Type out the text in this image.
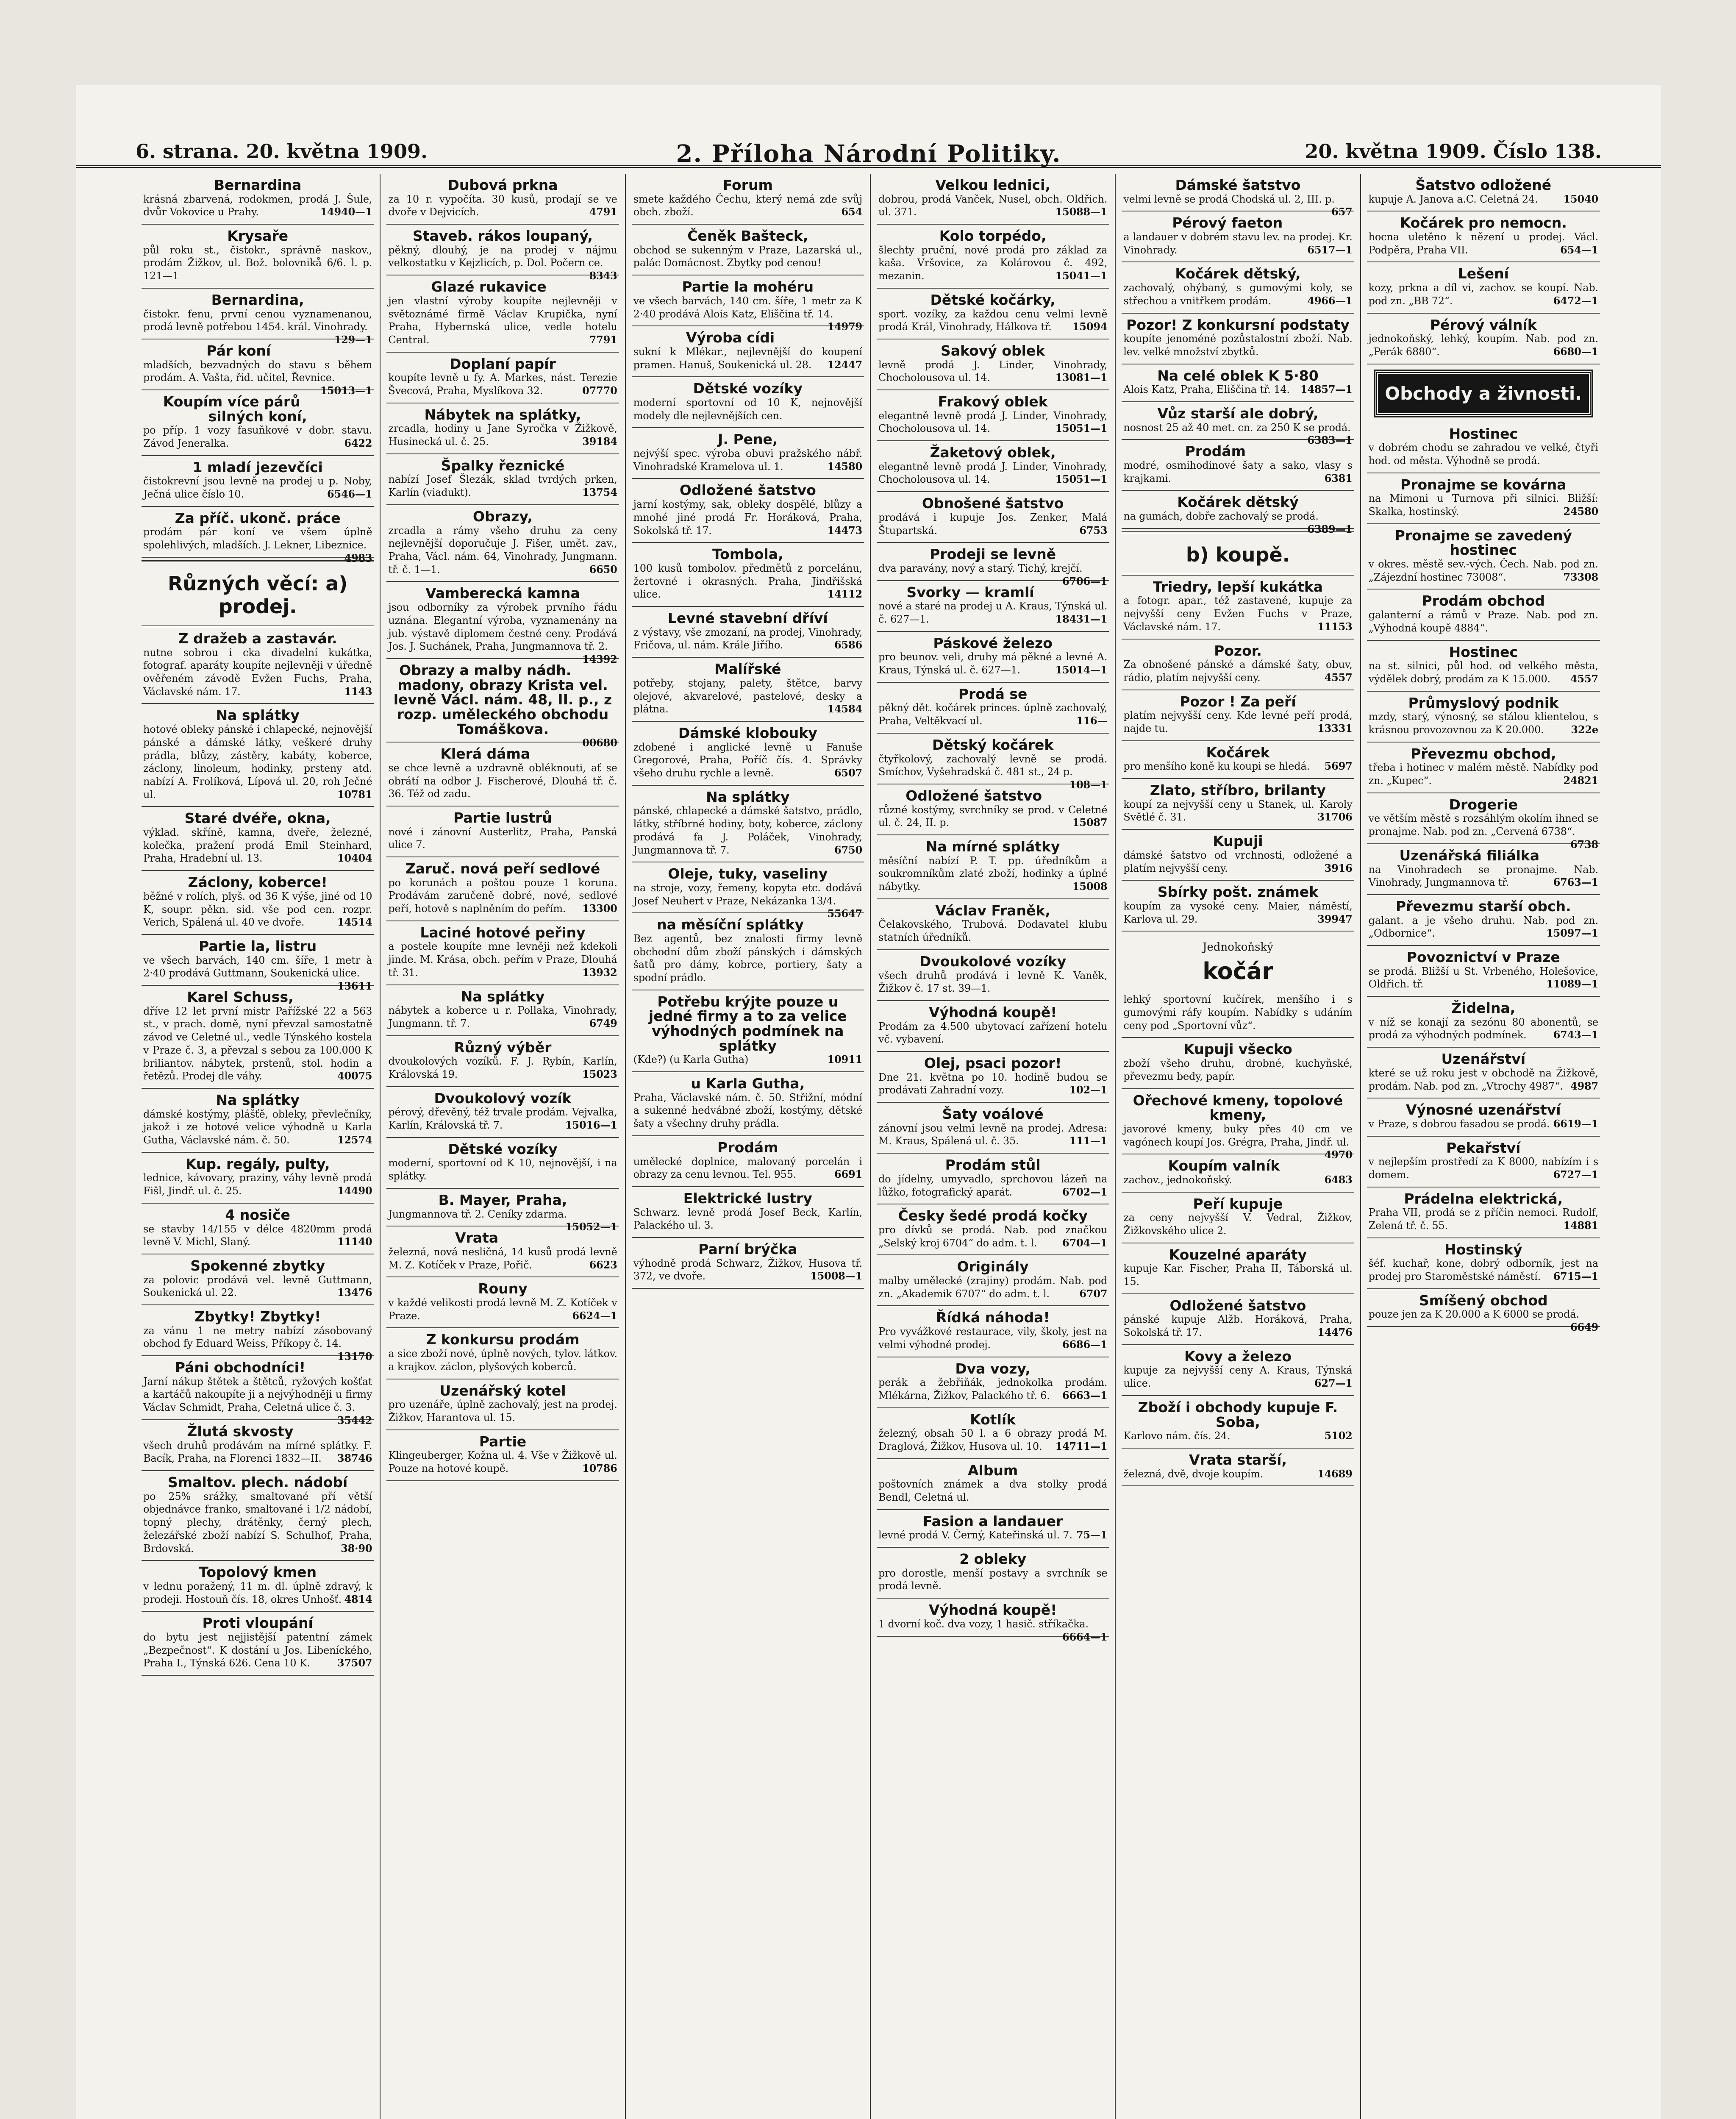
6. strana. 20. května 1909.	2. Příloha Národní Politiky.	20. května 1909. Číslo 138.
Bernardina
krásná zbarvená, rodokmen, prodá J. Šule, dvůr Vokovice u Prahy.	14940—1
Krysaře
půl roku st., čistokr., správně naskov., prodám Žižkov, ul. Bož. bolovnikå 6/6. l. p. 121—1
Bernardina,
čistokr. fenu, první cenou vyznamenanou, prodá levně potřebou 1454. král. Vinohrady.
129—1
Pár koní
mladších, bezvadných do stavu s během prodám. A. Vašta, řid. učitel, Řevnice.
15013—1
Koupím více párů silných koní,
po příp. 1 vozy fasuňkové v dobr. stavu. Závod Jeneralka.	6422
1 mladí jezevčíci
čistokrevní jsou levně na prodej u p. Noby, Ječná ulice číslo 10.	6546—1
Za příč. ukonč. práce
prodám pár koní ve všem úplně spolehlivých, mladších. J. Lekner, Libeznice.
4983
Různých věcí: a) prodej.
Z dražeb a zastavár.
nutne sobrou i cka divadelní kukátka, fotograf. aparáty koupíte nejlevněji v úředně ověřeném závodě Evžen Fuchs, Praha, Václavské nám. 17.	1143
Na splátky
hotové obleky pánské i chlapecké, nejnovější pánské a dámské látky, veškeré druhy prádla, blůzy, zástěry, kabáty, koberce, záclony, linoleum, hodinky, prsteny atd. nabízí A. Frolíková, Lípová ul. 20, roh Ječné ul.	10781
Staré dvéře, okna,
výklad. skříně, kamna, dveře, železné, kolečka, pražení prodá Emil Steinhard, Praha, Hradební ul. 13.	10404
Záclony, koberce!
běžné v rolích, plyš. od 36 K výše, jiné od 10 K, soupr. pěkn. sid. vše pod cen. rozpr. Verich, Spálená ul. 40 ve dvoře.	14514
Partie la, listru
ve všech barvách, 140 cm. šíře, 1 metr à 2·40 prodává Guttmann, Soukenická ulice.
13611
Karel Schuss,
dříve 12 let první mistr Pařížské 22 a 563 st., v prach. domě, nyní převzal samostatně závod ve Celetné ul., vedle Týnského kostela v Praze č. 3, a převzal s sebou za 100.000 K briliantov. nábytek, prstenů, stol. hodin a řetězů. Prodej dle váhy.	40075
Na splátky
dámské kostýmy, plášťě, obleky, převlečníky, jakož i ze hotové velice výhodně u Karla Gutha, Václavské nám. č. 50.	12574
Kup. regály, pulty,
lednice, kávovary, praziny, váhy levně prodá Fišl, Jindř. ul. č. 25.	14490
4 nosiče
se stavby 14/155 v délce 4820mm prodá levně V. Michl, Slaný.	11140
Spokenné zbytky
za polovic prodává vel. levně Guttmann, Soukenická ul. 22.	13476
Zbytky! Zbytky!
za vánu 1 ne metry nabízí zásobovaný obchod fy Eduard Weiss, Příkopy č. 14.
13170
Páni obchodníci!
Jarní nákup štětek a štětců, ryžových košťat a kartáčů nakoupíte ji a nejvýhodněji u firmy Václav Schmidt, Praha, Celetná ulice č. 3.
35442
Žlutá skvosty
všech druhů prodávám na mírné splátky. F. Bacík, Praha, na Florenci 1832—II. 38746
Smaltov. plech. nádobí
po 25% srážky, smaltované pří větší objednávce franko, smaltované i 1/2 nádobí, topný plechy, drátěnky, černý plech, železářské zboží nabízí S. Schulhof, Praha, Brdovská.	38·90
Topolový kmen
v lednu poražený, 11 m. dl. úplně zdravý, k prodeji. Hostouň čís. 18, okres Unhošť. 4814
Proti vloupání
do bytu jest nejjistější patentní zámek „Bezpečnost“. K dostání u Jos. Libeníckého, Praha I., Týnská 626. Cena 10 K.	37507
Dubová prkna
za 10 r. vypočíta. 30 kusů, prodají se ve dvoře v Dejvicích.	4791
Staveb. rákos loupaný,
pěkný, dlouhý, je na prodej v nájmu velkostatku v Kejzlicích, p. Dol. Počern ce.
8343
Glazé rukavice
jen vlastní výroby koupíte nejlevněji v světoznámé firmě Václav Krupička, nyní Praha, Hybernská ulice, vedle hotelu Central.	7791
Doplaní papír
koupíte levně u fy. A. Markes, nást. Terezie Švecová, Praha, Myslíkova 32.	07770
Nábytek na splátky,
zrcadla, hodiny u Jane Syročka v Žižkově, Husinecká ul. č. 25.	39184
Špalky řeznické
nabízí Josef Šlezák, sklad tvrdých prken, Karlín (viadukt).	13754
Obrazy,
zrcadla a rámy všeho druhu za ceny nejlevnější doporučuje J. Fišer, umět. zav., Praha, Václ. nám. 64, Vinohrady, Jungmann. tř. č. 1—1.	6650
Vamberecká kamna
jsou odborníky za výrobek prvního řádu uznána. Elegantní výroba, vyznamenány na jub. výstavě diplomem čestné ceny. Prodává Jos. J. Suchánek, Praha, Jungmannova tř. 2.
14392
Obrazy a malby nádh. madony, obrazy Krista vel. levně Václ. nám. 48, II. p., z rozp. uměleckého obchodu Tomáškova.
00680
Klerá dáma
se chce levně a uzdravně obléknouti, ať se obrátí na odbor J. Fischerové, Dlouhá tř. č. 36. Též od zadu.
Partie lustrů
nové i zánovní Austerlitz, Praha, Panská ulice 7.
Zaruč. nová peří sedlové
po korunách a poštou pouze 1 koruna. Prodávám zaručeně dobré, nové, sedlové peří, hotově s naplněním do peřím. 13300
Laciné hotové peřiny
a postele koupíte mne levněji než kdekoli jinde. M. Krása, obch. peřím v Praze, Dlouhá tř. 31.	13932
Na splátky
nábytek a koberce u r. Pollaka, Vinohrady, Jungmann. tř. 7.	6749
Různý výběr
dvoukolových vozíků. F. J. Rybín, Karlín, Královská 19.	15023
Dvoukolový vozík
pérový, dřevěný, též trvale prodám. Vejvalka, Karlín, Královská tř. 7.	15016—1
Dětské vozíky
moderní, sportovní od K 10, nejnovější, i na splátky.
B. Mayer, Praha,
Jungmannova tř. 2. Ceníky zdarma.
15052—1
Vrata
železná, nová nesličná, 14 kusů prodá levně M. Z. Kotíček v Praze, Pořič.	6623
Rouny
v každé velikosti prodá levně M. Z. Kotíček v Praze.	6624—1
Z konkursu prodám
a sice zboží nové, úplně nových, tylov. látkov. a krajkov. záclon, plyšových koberců.
Uzenářský kotel
pro uzenáře, úplně zachovalý, jest na prodej. Žižkov, Harantova ul. 15.
Partie
Klingeuberger, Kožna ul. 4. Vše v Žižkově ul. Pouze na hotové koupě.	10786
Forum
smete každého Čechu, který nemá zde svůj obch. zboží.	654
Čeněk Bašteck,
obchod se sukenným v Praze, Lazarská ul., palác Domácnost. Zbytky pod cenou!
Partie la mohéru
ve všech barvách, 140 cm. šíře, 1 metr za K 2·40 prodává Alois Katz, Eliščina tř. 14.
14979
Výroba cídi
sukní k Mlékar., nejlevnější do koupení pramen. Hanuš, Soukenická ul. 28. 12447
Dětské vozíky
moderní sportovní od 10 K, nejnovější modely dle nejlevnějších cen.
J. Pene,
nejvýší spec. výroba obuvi pražského nábř. Vinohradské Kramelova ul. 1.	14580
Odložené šatstvo
jarní kostýmy, sak, obleky dospělé, blůzy a mnohé jiné prodá Fr. Horáková, Praha, Sokolská tř. 17.	14473
Tombola,
100 kusů tombolov. předmětů z porcelánu, žertovné i okrasných. Praha, Jindřišská ulice.	14112
Levné stavební dříví
z výstavy, vše zmozaní, na prodej, Vinohrady, Fričova, ul. nám. Krále Jiřího.	6586
Malířské
potřeby, stojany, palety, štětce, barvy olejové, akvarelové, pastelové, desky a plátna.	14584
Dámské klobouky
zdobené i anglické levně u Fanuše Gregorové, Praha, Poříč čís. 4. Správky všeho druhu rychle a levně.	6507
Na splátky
pánské, chlapecké a dámské šatstvo, prádlo, látky, stříbrné hodiny, boty, koberce, záclony prodává fa J. Poláček, Vinohrady, Jungmannova tř. 7.	6750
Oleje, tuky, vaseliny
na stroje, vozy, řemeny, kopyta etc. dodává Josef Neuhert v Praze, Nekázanka 13/4.
55647
na měsíční splátky
Bez agentů, bez znalosti firmy levně obchodní dům zboží pánských i dámských šatů pro dámy, kobrce, portiery, šaty a spodní prádlo.
Potřebu krýjte pouze u jedné firmy a to za velice výhodných podmínek na splátky
(Kde?) (u Karla Gutha)	10911
u Karla Gutha,
Praha, Václavské nám. č. 50. Střižní, módní a sukenné hedvábné zboží, kostýmy, dětské šaty a všechny druhy prádla.
Prodám
umělecké doplnice, malovaný porcelán i obrazy za cenu levnou. Tel. 955.	6691
Elektrické lustry
Schwarz. levně prodá Josef Beck, Karlín, Palackého ul. 3.
Parní brýčka
výhodně prodá Schwarz, Žižkov, Husova tř. 372, ve dvoře.	15008—1
Velkou lednici,
dobrou, prodá Vanček, Nusel, obch. Oldřich. ul. 371.	15088—1
Kolo torpédo,
šlechty pruční, nové prodá pro základ za kaša. Vršovice, za Kolárovou č. 492, mezanin.	15041—1
Dětské kočárky,
sport. vozíky, za každou cenu velmi levně prodá Král, Vinohrady, Hálkova tř. 15094
Sakový oblek
levně prodá J. Linder, Vinohrady, Chocholousova ul. 14.	13081—1
Frakový oblek
elegantně levně prodá J. Linder, Vinohrady, Chocholousova ul. 14.	15051—1
Žaketový oblek,
elegantně levně prodá J. Linder, Vinohrady, Chocholousova ul. 14.	15051—1
Obnošené šatstvo
prodává i kupuje Jos. Zenker, Malá Štupartská.	6753
Prodeji se levně
dva paravány, nový a starý. Tichý, krejčí.
6706—1
Svorky — kramlí
nové a staré na prodej u A. Kraus, Týnská ul. č. 627—1.	18431—1
Páskové železo
pro beunov. veli, druhy má pěkné a levné A. Kraus, Týnská ul. č. 627—1.	15014—1
Prodá se
pěkný dět. kočárek princes. úplně zachovalý, Praha, Veltěkvací ul.	116—
Dětský kočárek
čtyřkolový, zachovalý levně se prodá. Smíchov, Vyšehradská č. 481 st., 24 p.
108—1
Odložené šatstvo
různé kostýmy, svrchníky se prod. v Celetné ul. č. 24, II. p.	15087
Na mírné splátky
měsíční nabízí P. T. pp. úředníkům a soukromníkům zlaté zboží, hodinky a úplné nábytky.	15008
Václav Franěk,
Čelakovského, Trubová. Dodavatel klubu statních úředníků.
Dvoukolové vozíky
všech druhů prodává i levně K. Vaněk, Žižkov č. 17 st. 39—1.
Výhodná koupě!
Prodám za 4.500 ubytovací zařízení hotelu vč. vybavení.
Olej, psaci pozor!
Dne 21. května po 10. hodině budou se prodávati Zahradní vozy.	102—1
Šaty voálové
zánovní jsou velmi levně na prodej. Adresa: M. Kraus, Spálená ul. č. 35.	111—1
Prodám stůl
do jídelny, umyvadlo, sprchovou lázeň na lůžko, fotografický aparát.	6702—1
Česky šedé prodá kočky
pro dívků se prodá. Nab. pod značkou „Selský kroj 6704“ do adm. t. l. 6704—1
Originály
malby umělecké (zrajiny) prodám. Nab. pod zn. „Akademik 6707“ do adm. t. l.	6707
Řídká náhoda!
Pro vyvážkové restaurace, vily, školy, jest na velmi výhodné prodej.	6686—1
Dva vozy,
perák a žebřiňák, jednokolka prodám. Mlékárna, Žižkov, Palackého tř. 6. 6663—1
Kotlík
železný, obsah 50 l. a 6 obrazy prodá M. Draglová, Žižkov, Husova ul. 10. 14711—1
Album
poštovních známek a dva stolky prodá Bendl, Celetná ul.
Fasion a landauer
levné prodá V. Černý, Kateřinská ul. 7. 75—1
2 obleky
pro dorostle, menší postavy a svrchník se prodá levně.
Výhodná koupě!
1 dvorní koč. dva vozy, 1 hasič. stříkačka.
6664—1
Dámské šatstvo
velmi levně se prodá Chodská ul. 2, III. p.
657
Pérový faeton
a landauer v dobrém stavu lev. na prodej. Kr. Vinohrady.	6517—1
Kočárek dětský,
zachovalý, ohýbaný, s gumovými koly, se střechou a vnitřkem prodám.	4966—1
Pozor! Z konkursní podstaty
koupíte jenoméné pozůstalostní zboží. Nab. lev. velké množství zbytků.
Na celé oblek K 5·80
Alois Katz, Praha, Eliščina tř. 14. 14857—1
Vůz starší ale dobrý,
nosnost 25 až 40 met. cn. za 250 K se prodá.
6383—1
Prodám
modré, osmihodinové šaty a sako, vlasy s krajkami.	6381
Kočárek dětský
na gumách, dobře zachovalý se prodá.
6389—1
b) koupě.
Triedry, lepší kukátka
a fotogr. apar., též zastavené, kupuje za nejvyšší ceny Evžen Fuchs v Praze, Václavské nám. 17.	11153
Pozor.
Za obnošené pánské a dámské šaty, obuv, rádio, platím nejvyšší ceny.	4557
Pozor ! Za peří
platím nejvyšší ceny. Kde levné peří prodá, najde tu.	13331
Kočárek
pro menšího koně ku koupi se hledá. 5697
Zlato, stříbro, brilanty
koupí za nejvyšší ceny u Stanek, ul. Karoly Světlé č. 31.	31706
Kupuji
dámské šatstvo od vrchnosti, odložené a platím nejvyšší ceny.	3916
Sbírky pošt. známek
koupím za vysoké ceny. Maier, náměstí, Karlova ul. 29.	39947
Jednokoňský
kočár
lehký sportovní kučírek, menšího i s gumovými ráfy koupím. Nabídky s udáním ceny pod „Sportovní vůz“.
Kupuji všecko
zboží všeho druhu, drobné, kuchyňské, převezmu bedy, papír.
Ořechové kmeny, topolové kmeny,
javorové kmeny, buky přes 40 cm ve vagónech koupí Jos. Grégra, Praha, Jindř. ul.
4970
Koupím valník
zachov., jednokoňský.	6483
Peří kupuje
za ceny nejvyšší V. Vedral, Žižkov, Žižkovského ulice 2.
Kouzelné aparáty
kupuje Kar. Fischer, Praha II, Táborská ul. 15.
Odložené šatstvo
pánské kupuje Alžb. Horáková, Praha, Sokolská tř. 17.	14476
Kovy a železo
kupuje za nejvyšší ceny A. Kraus, Týnská ulice.	627—1
Zboží i obchody kupuje F. Soba,
Karlovo nám. čís. 24.	5102
Vrata starší,
železná, dvě, dvoje koupím.	14689
Šatstvo odložené
kupuje A. Janova a.C. Celetná 24.	15040
Kočárek pro nemocn.
hocna uletěno k nězení u prodej. Václ. Podpěra, Praha VII.	654—1
Lešení
kozy, prkna a díl vi, zachov. se koupí. Nab. pod zn. „BB 72“.	6472—1
Pérový válník
jednokoňský, lehký, koupím. Nab. pod zn. „Perák 6880“.	6680—1
Obchody a živnosti.
Hostinec
v dobrém chodu se zahradou ve velké, čtyři hod. od města. Výhodně se prodá.
Pronajme se kovárna
na Mimoni u Turnova při silnici. Bližší: Skalka, hostinský.	24580
Pronajme se zavedený hostinec
v okres. městě sev.-vých. Čech. Nab. pod zn. „Zájezdní hostinec 73008“.	73308
Prodám obchod
galanterní a rámů v Praze. Nab. pod zn. „Výhodná koupě 4884“.
Hostinec
na st. silnici, půl hod. od velkého města, výdělek dobrý, prodám za K 15.000. 4557
Průmyslový podnik
mzdy, starý, výnosný, se stálou klientelou, s krásnou provozovnou za K 20.000.	322e
Převezmu obchod,
třeba i hotinec v malém městě. Nabídky pod zn. „Kupec“.	24821
Drogerie
ve větším městě s rozsáhlým okolím ihned se pronajme. Nab. pod zn. „Cervená 6738“.
6738
Uzenářská filiálka
na Vinohradech se pronajme. Nab. Vinohrady, Jungmannova tř.	6763—1
Převezmu starší obch.
galant. a je všeho druhu. Nab. pod zn. „Odbornice“.	15097—1
Povoznictví v Praze
se prodá. Bližší u St. Vrbeného, Holešovice, Oldřich. tř.	11089—1
Židelna,
v níž se konají za sezónu 80 abonentů, se prodá za výhodných podmínek.	6743—1
Uzenářství
které se už roku jest v obchodě na Žižkově, prodám. Nab. pod zn. „Vtrochy 4987“. 4987
Výnosné uzenářství
v Praze, s dobrou fasadou se prodá. 6619—1
Pekařství
v nejlepším prostředí za K 8000, nabízím i s domem.	6727—1
Prádelna elektrická,
Praha VII, prodá se z příčin nemoci. Rudolf, Zelená tř. č. 55.	14881
Hostinský
šéf. kuchař, kone, dobrý odborník, jest na prodej pro Staroměstské náměstí. 6715—1
Smíšený obchod
pouze jen za K 20.000 a K 6000 se prodá.
6649
